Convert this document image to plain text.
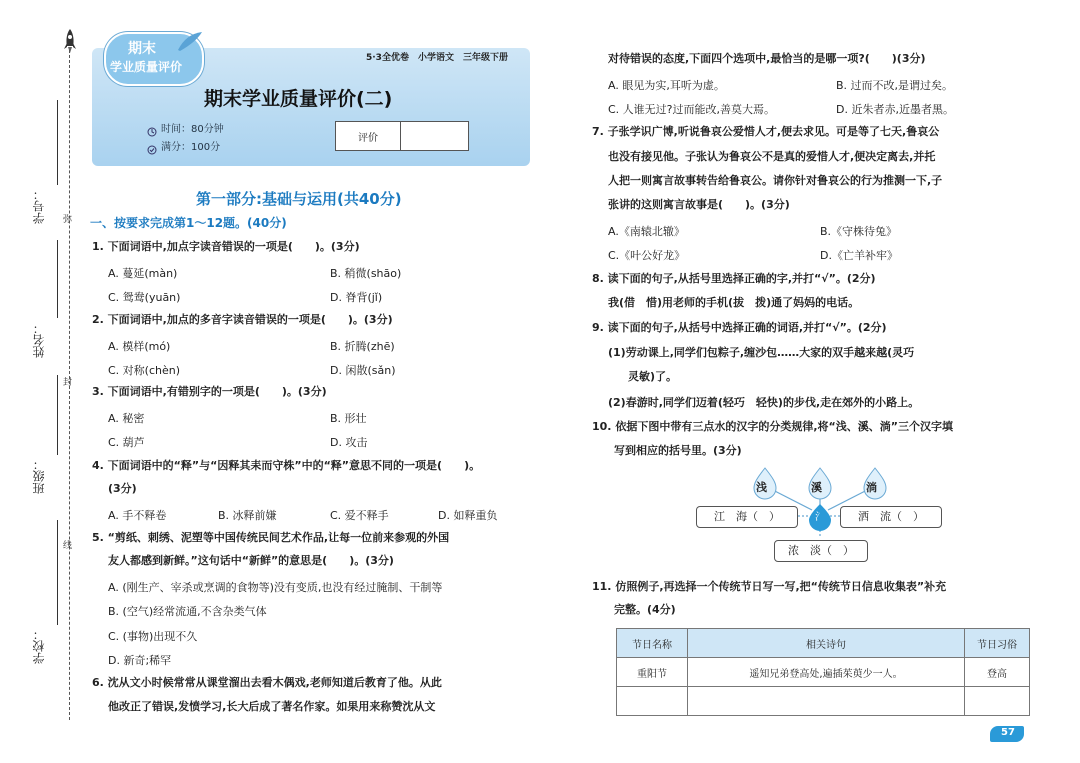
弥
封
线
学号：
姓名：
班级：
学校：
期末
学业质量评价
5·3全优卷　小学语文　三年级下册
期末学业质量评价(二)
时间：80分钟
满分：100分
评价
第一部分:基础与运用(共40分)
一、按要求完成第1～12题。(40分)
1. 下面词语中,加点字读音错误的一项是(　　)。(3分)
A. 蔓延(màn)	B. 稍微(shāo)
C. 鸳鸯(yuān)	D. 脊背(jǐ)
2. 下面词语中,加点的多音字读音错误的一项是(　　)。(3分)
A. 模样(mó)	B. 折腾(zhē)
C. 对称(chèn)	D. 闲散(sǎn)
3. 下面词语中,有错别字的一项是(　　)。(3分)
A. 秘密	B. 形壮
C. 葫芦	D. 攻击
4. 下面词语中的“释”与“因释其耒而守株”中的“释”意思不同的一项是(　　)。
(3分)
A. 手不释卷	B. 冰释前嫌	C. 爱不释手	D. 如释重负
5. “剪纸、刺绣、泥塑等中国传统民间艺术作品,让每一位前来参观的外国
友人都感到新鲜。”这句话中“新鲜”的意思是(　　)。(3分)
A. (刚生产、宰杀或烹调的食物等)没有变质,也没有经过腌制、干制等
B. (空气)经常流通,不含杂类气体
C. (事物)出现不久
D. 新奇;稀罕
6. 沈从文小时候常常从课堂溜出去看木偶戏,老师知道后教育了他。从此
他改正了错误,发愤学习,长大后成了著名作家。如果用来称赞沈从文
对待错误的态度,下面四个选项中,最恰当的是哪一项?(　　)(3分)
A. 眼见为实,耳听为虚。	B. 过而不改,是谓过矣。
C. 人谁无过?过而能改,善莫大焉。	D. 近朱者赤,近墨者黑。
7. 子张学识广博,听说鲁哀公爱惜人才,便去求见。可是等了七天,鲁哀公
也没有接见他。子张认为鲁哀公不是真的爱惜人才,便决定离去,并托
人把一则寓言故事转告给鲁哀公。请你针对鲁哀公的行为推测一下,子
张讲的这则寓言故事是(　　)。(3分)
A.《南辕北辙》	B.《守株待兔》
C.《叶公好龙》	D.《亡羊补牢》
8. 读下面的句子,从括号里选择正确的字,并打“√”。(2分)
我(借　惜)用老师的手机(拔　拨)通了妈妈的电话。
9. 读下面的句子,从括号中选择正确的词语,并打“√”。(2分)
(1)劳动课上,同学们包粽子,缠沙包……大家的双手越来越(灵巧
灵敏)了。
(2)春游时,同学们迈着(轻巧　轻快)的步伐,走在郊外的小路上。
10. 依据下图中带有三点水的汉字的分类规律,将“浅、溪、淌”三个汉字填
写到相应的括号里。(3分)
浅	溪	淌
氵
江　海（　）	洒　流（　）
浓　淡（　）
11. 仿照例子,再选择一个传统节日写一写,把“传统节日信息收集表”补充
完整。(4分)
节日名称	相关诗句	节日习俗
重阳节	遥知兄弟登高处,遍插茱萸少一人。	登高

57
